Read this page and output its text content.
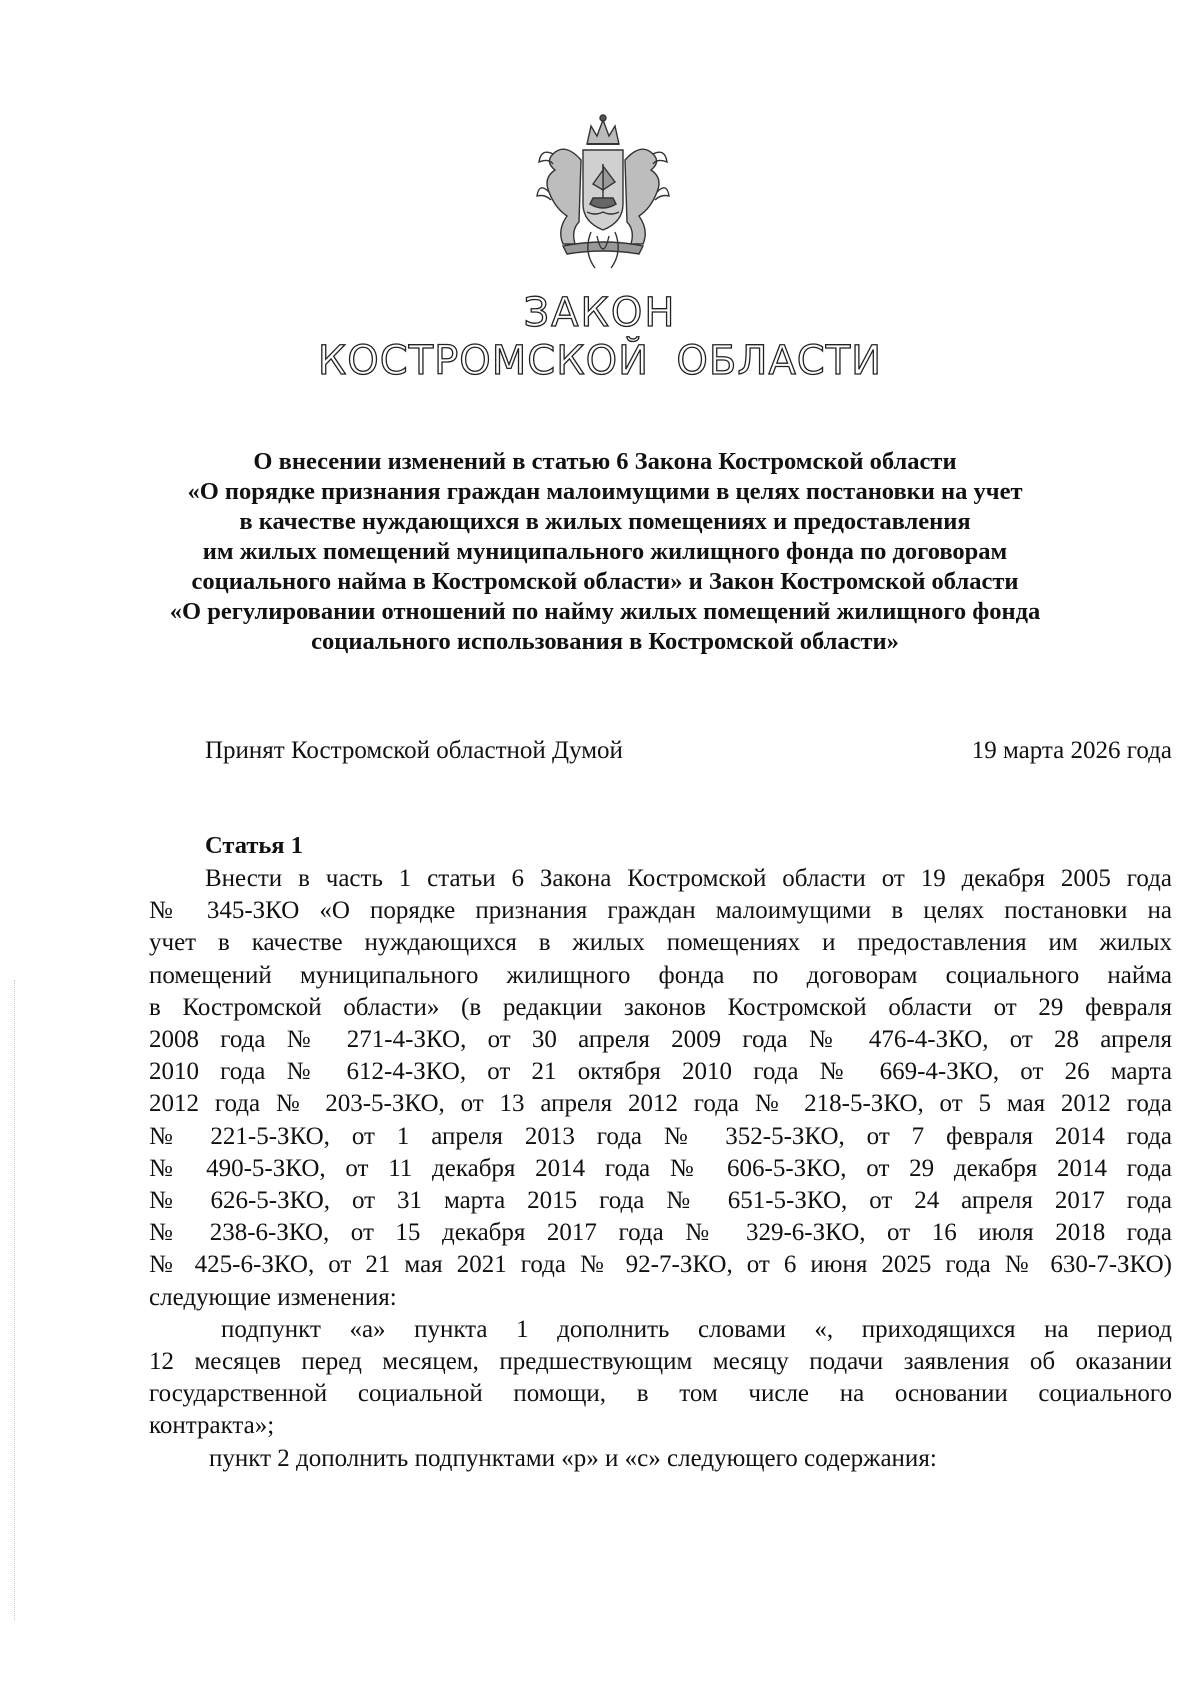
ЗАКОН
КОСТРОМСКОЙ  ОБЛАСТИ
О внесении изменений в статью 6 Закона Костромской области
«О порядке признания граждан малоимущими в целях постановки на учет
в качестве нуждающихся в жилых помещениях и предоставления
им жилых помещений муниципального жилищного фонда по договорам
социального найма в Костромской области» и Закон Костромской области
«О регулировании отношений по найму жилых помещений жилищного фонда
социального использования в Костромской области»
Принят Костромской областной Думой	19 марта 2026 года
Статья 1
Внести в часть 1 статьи 6 Закона Костромской области от 19 декабря 2005 года
№ 345-ЗКО «О порядке признания граждан малоимущими в целях постановки на
учет в качестве нуждающихся в жилых помещениях и предоставления им жилых
помещений муниципального жилищного фонда по договорам социального найма
в Костромской области» (в редакции законов Костромской области от 29 февраля
2008 года № 271-4-ЗКО, от 30 апреля 2009 года № 476-4-ЗКО, от 28 апреля
2010 года № 612-4-ЗКО, от 21 октября 2010 года № 669-4-ЗКО, от 26 марта
2012 года № 203-5-ЗКО, от 13 апреля 2012 года № 218-5-ЗКО, от 5 мая 2012 года
№ 221-5-ЗКО, от 1 апреля 2013 года № 352-5-ЗКО, от 7 февраля 2014 года
№ 490-5-ЗКО, от 11 декабря 2014 года № 606-5-ЗКО, от 29 декабря 2014 года
№ 626-5-ЗКО, от 31 марта 2015 года № 651-5-ЗКО, от 24 апреля 2017 года
№ 238-6-ЗКО, от 15 декабря 2017 года № 329-6-ЗКО, от 16 июля 2018 года
№ 425-6-ЗКО, от 21 мая 2021 года № 92-7-ЗКО, от 6 июня 2025 года № 630-7-ЗКО)
следующие изменения:
подпункт «а» пункта 1 дополнить словами «, приходящихся на период
12 месяцев перед месяцем, предшествующим месяцу подачи заявления об оказании
государственной социальной помощи, в том числе на основании социального
контракта»;
пункт 2 дополнить подпунктами «р» и «с» следующего содержания:
